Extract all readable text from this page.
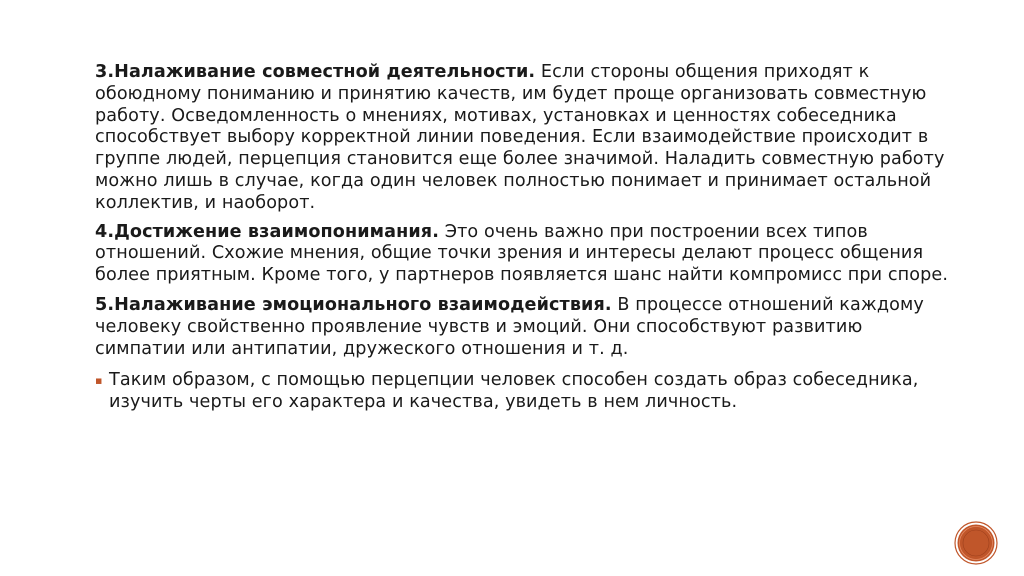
3.Налаживание совместной деятельности. Если стороны общения приходят к обоюдному пониманию и принятию качеств, им будет проще организовать совместную работу. Осведомленность о мнениях, мотивах, установках и ценностях собеседника способствует выбору корректной линии поведения. Если взаимодействие происходит в группе людей, перцепция становится еще более значимой. Наладить совместную работу можно лишь в случае, когда один человек полностью понимает и принимает остальной коллектив, и наоборот.

4.Достижение взаимопонимания. Это очень важно при построении всех типов отношений. Схожие мнения, общие точки зрения и интересы делают процесс общения более приятным. Кроме того, у партнеров появляется шанс найти компромисс при споре.

5.Налаживание эмоционального взаимодействия. В процессе отношений каждому человеку свойственно проявление чувств и эмоций. Они способствуют развитию симпатии или антипатии, дружеского отношения и т. д.

▪ Таким образом, с помощью перцепции человек способен создать образ собеседника, изучить черты его характера и качества, увидеть в нем личность.
